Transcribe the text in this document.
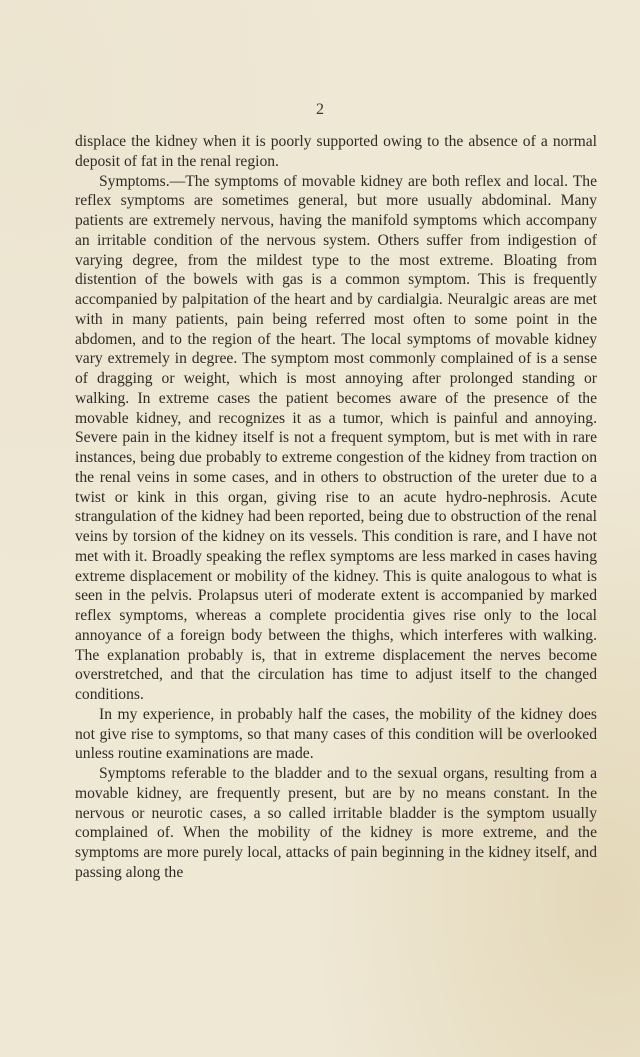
2

displace the kidney when it is poorly supported owing to the absence of a normal deposit of fat in the renal region.

Symptoms.—The symptoms of movable kidney are both reflex and local. The reflex symptoms are sometimes general, but more usually abdominal. Many patients are extremely nervous, having the manifold symptoms which accompany an irritable condition of the nervous system. Others suffer from indigestion of varying degree, from the mildest type to the most extreme. Bloating from distention of the bowels with gas is a common symptom. This is frequently accompanied by palpitation of the heart and by cardialgia. Neuralgic areas are met with in many patients, pain being referred most often to some point in the abdomen, and to the region of the heart. The local symptoms of movable kidney vary extremely in degree. The symptom most commonly complained of is a sense of dragging or weight, which is most annoying after prolonged standing or walking. In extreme cases the patient becomes aware of the presence of the movable kidney, and recognizes it as a tumor, which is painful and annoying. Severe pain in the kidney itself is not a frequent symptom, but is met with in rare instances, being due probably to extreme congestion of the kidney from traction on the renal veins in some cases, and in others to obstruction of the ureter due to a twist or kink in this organ, giving rise to an acute hydro-nephrosis. Acute strangulation of the kidney had been reported, being due to obstruction of the renal veins by torsion of the kidney on its vessels. This condition is rare, and I have not met with it. Broadly speaking the reflex symptoms are less marked in cases having extreme displacement or mobility of the kidney. This is quite analogous to what is seen in the pelvis. Prolapsus uteri of moderate extent is accompanied by marked reflex symptoms, whereas a complete procidentia gives rise only to the local annoyance of a foreign body between the thighs, which interferes with walking. The explanation probably is, that in extreme displacement the nerves become overstretched, and that the circulation has time to adjust itself to the changed conditions.

In my experience, in probably half the cases, the mobility of the kidney does not give rise to symptoms, so that many cases of this condition will be overlooked unless routine examinations are made.

Symptoms referable to the bladder and to the sexual organs, resulting from a movable kidney, are frequently present, but are by no means constant. In the nervous or neurotic cases, a so called irritable bladder is the symptom usually complained of. When the mobility of the kidney is more extreme, and the symptoms are more purely local, attacks of pain beginning in the kidney itself, and passing along the
